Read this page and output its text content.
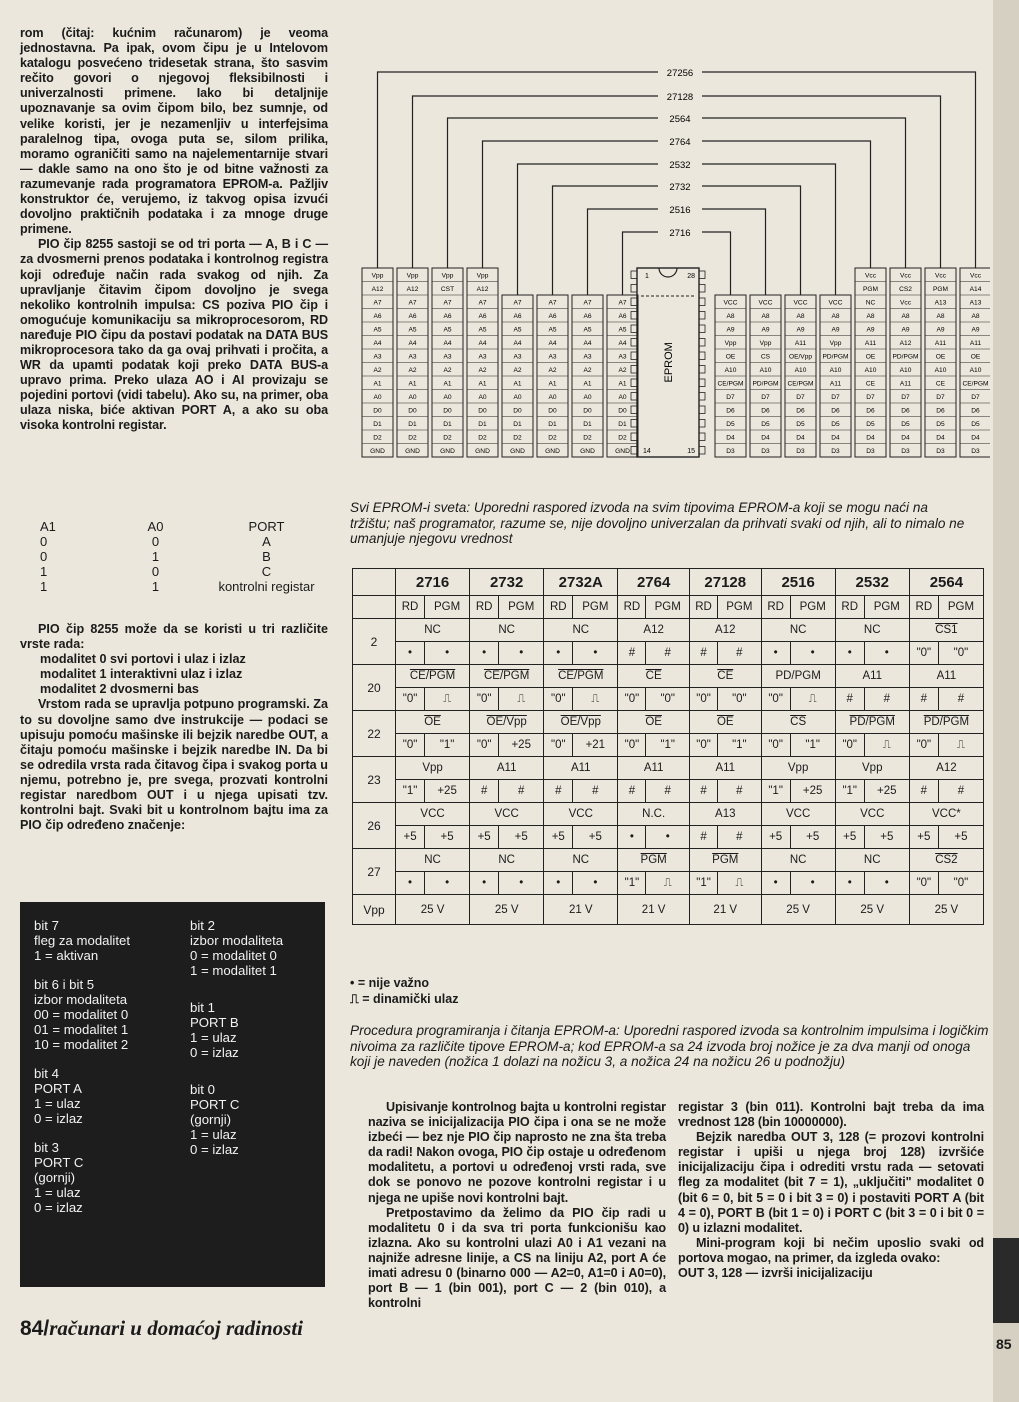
rom (čitaj: kućnim računarom) je veoma jednostavna. Pa ipak, ovom čipu je u Intelovom katalogu posvećeno tridesetak strana, što sasvim rečito govori o njegovoj fleksibilnosti i univerzalnosti primene. Iako bi detaljnije upoznavanje sa ovim čipom bilo, bez sumnje, od velike koristi, jer je nezamenljiv u interfejsima paralelnog tipa, ovoga puta se, silom prilika, moramo ograničiti samo na najelementarnije stvari — dakle samo na ono što je od bitne važnosti za razumevanje rada programatora EPROM-a. Pažljiv konstruktor će, verujemo, iz takvog opisa izvući dovoljno praktičnih podataka i za mnoge druge primene.

PIO čip 8255 sastoji se od tri porta — A, B i C — za dvosmerni prenos podataka i kontrolnog registra koji određuje način rada svakog od njih. Za upravljanje čitavim čipom dovoljno je svega nekoliko kontrolnih impulsa: CS poziva PIO čip i omogućuje komunikaciju sa mikroprocesorom, RD naređuje PIO čipu da postavi podatak na DATA BUS mikroprocesora tako da ga ovaj prihvati i pročita, a WR da upamti podatak koji preko DATA BUS-a upravo prima. Preko ulaza AO i AI provizaju se pojedini portovi (vidi tabelu). Ako su, na primer, oba ulaza niska, biće aktivan PORT A, a ako su oba visoka kontrolni registar.

A1	A0	PORT
0	0	A
0	1	B
1	0	C
1	1	kontrolni registar
PIO čip 8255 može da se koristi u tri različite vrste rada:
modalitet 0 svi portovi i ulaz i izlaz
modalitet 1 interaktivni ulaz i izlaz
modalitet 2 dvosmerni bas
Vrstom rada se upravlja potpuno programski. Za to su dovoljne samo dve instrukcije — podaci se upisuju pomoću mašinske ili bejzik naredbe OUT, a čitaju pomoću mašinske i bejzik naredbe IN. Da bi se odredila vrsta rada čitavog čipa i svakog porta u njemu, potrebno je, pre svega, prozvati kontrolni registar naredbom OUT i u njega upisati tzv. kontrolni bajt. Svaki bit u kontrolnom bajtu ima za PIO čip određeno značenje:
bit 7
fleg za modalitet
1 = aktivan
bit 6 i bit 5
izbor modaliteta
00 = modalitet 0
01 = modalitet 1
10 = modalitet 2
bit 4
PORT A
1 = ulaz
0 = izlaz
bit 3
PORT C
(gornji)
1 = ulaz
0 = izlaz
bit 2
izbor modaliteta
0 = modalitet 0
1 = modalitet 1
bit 1
PORT B
1 = ulaz
0 = izlaz
bit 0
PORT C
(gornji)
1 = ulaz
0 = izlaz
84/računari u domaćoj radinosti
27256
27128
2564
2764
2532
2732
2516
2716
Vpp
A12
A7
A6
A5
A4
A3
A2
A1
A0
D0
D1
D2
GND
Vpp
A12
A7
A6
A5
A4
A3
A2
A1
A0
D0
D1
D2
GND
Vpp
CST
A7
A6
A5
A4
A3
A2
A1
A0
D0
D1
D2
GND
Vpp
A12
A7
A6
A5
A4
A3
A2
A1
A0
D0
D1
D2
GND
A7
A6
A5
A4
A3
A2
A1
A0
D0
D1
D2
GND
A7
A6
A5
A4
A3
A2
A1
A0
D0
D1
D2
GND
A7
A6
A5
A4
A3
A2
A1
A0
D0
D1
D2
GND
A7
A6
A5
A4
A3
A2
A1
A0
D0
D1
D2
GND
VCC
A8
A9
Vpp
OE
A10
CE/PGM
D7
D6
D5
D4
D3
VCC
A8
A9
Vpp
CS
A10
PD/PGM
D7
D6
D5
D4
D3
VCC
A8
A9
A11
OE/Vpp
A10
CE/PGM
D7
D6
D5
D4
D3
VCC
A8
A9
Vpp
PD/PGM
A10
A11
D7
D6
D5
D4
D3
Vcc
PGM
NC
A8
A9
A11
OE
A10
CE
D7
D6
D5
D4
D3
Vcc
CS2
Vcc
A8
A9
A12
PD/PGM
A10
A11
D7
D6
D5
D4
D3
Vcc
PGM
A13
A8
A9
A11
OE
A10
CE
D7
D6
D5
D4
D3
Vcc
A14
A13
A8
A9
A11
OE
A10
CE/PGM
D7
D6
D5
D4
D3
1	28
14	15
EPROM
Svi EPROM-i sveta: Uporedni raspored izvoda na svim tipovima EPROM-a koji se mogu naći na tržištu; naš programator, razume se, nije dovoljno univerzalan da prihvati svaki od njih, ali to nimalo ne umanjuje njegovu vrednost
	2716		2732		2732A		2764		27128		2516		2532		2564	
	RD	PGM	RD	PGM	RD	PGM	RD	PGM	RD	PGM	RD	PGM	RD	PGM	RD	PGM
2	NC		NC		NC		A12		A12		NC		NC		CS1	
	•	•	•	•	•	•	#	#	#	#	•	•	•	•	"0"	"0"
20	CE/PGM		CE/PGM		CE/PGM		$\overline{CE}$		$\overline{CE}$		PD/PGM		A11		A11	
	"0"	⎍	"0"	⎍	"0"	⎍	"0"	"0"	"0"	"0"	"0"	⎍	#	#	#	#
22	$\overline{OE}$		OE/Vpp		OE/Vpp		$\overline{OE}$		$\overline{OE}$		$\overline{CS}$		PD/PGM		PD/PGM	
	"0"	"1"	"0"	+25	"0"	+21	"0"	"1"	"0"	"1"	"0"	"1"	"0"	⎍	"0"	⎍
23	Vpp		A11		A11		A11		A11		Vpp		Vpp		A12	
	"1"	+25	#	#	#	#	#	#	#	#	"1"	+25	"1"	+25	#	#
26	VCC		VCC		VCC		N.C.		A13		VCC		VCC		VCC*	
	+5	+5	+5	+5	+5	+5	•	•	#	#	+5	+5	+5	+5	+5	+5
27	NC		NC		NC		$\overline{PGM}$		$\overline{PGM}$		NC		NC		CS2	
	•	•	•	•	•	•	"1"	⎍	"1"	⎍	•	•	•	•	"0"	"0"
Vpp	25 V		25 V		21 V		21 V		21 V		25 V		25 V		25 V	
• = nije važno
⎍ = dinamički ulaz
Procedura programiranja i čitanja EPROM-a: Uporedni raspored izvoda sa kontrolnim impulsima i logičkim nivoima za različite tipove EPROM-a; kod EPROM-a sa 24 izvoda broj nožice je za dva manji od onoga koji je naveden (nožica 1 dolazi na nožicu 3, a nožica 24 na nožicu 26 u podnožju)

Upisivanje kontrolnog bajta u kontrolni registar naziva se inicijalizacija PIO čipa i ona se ne može izbeći — bez nje PIO čip naprosto ne zna šta treba da radi! Nakon ovoga, PIO čip ostaje u određenom modalitetu, a portovi u određenoj vrsti rada, sve dok se ponovo ne pozove kontrolni registar i u njega ne upiše novi kontrolni bajt.

Pretpostavimo da želimo da PIO čip radi u modalitetu 0 i da sva tri porta funkcionišu kao izlazna. Ako su kontrolni ulazi A0 i A1 vezani na najniže adresne linije, a CS na liniju A2, port A će imati adresu 0 (binarno 000 — A2=0, A1=0 i A0=0), port B — 1 (bin 001), port C — 2 (bin 010), a kontrolni

registar 3 (bin 011). Kontrolni bajt treba da ima vrednost 128 (bin 10000000).

Bejzik naredba OUT 3, 128 (= prozovi kontrolni registar i upiši u njega broj 128) izvršiće inicijalizaciju čipa i odrediti vrstu rada — setovati fleg za modalitet (bit 7 = 1), „uključiti" modalitet 0 (bit 6 = 0, bit 5 = 0 i bit 3 = 0) i postaviti PORT A (bit 4 = 0), PORT B (bit 1 = 0) i PORT C (bit 3 = 0 i bit 0 = 0) u izlazni modalitet.

Mini-program koji bi nečim uposlio svaki od portova mogao, na primer, da izgleda ovako:

OUT 3, 128 — izvrši inicijalizaciju

85
